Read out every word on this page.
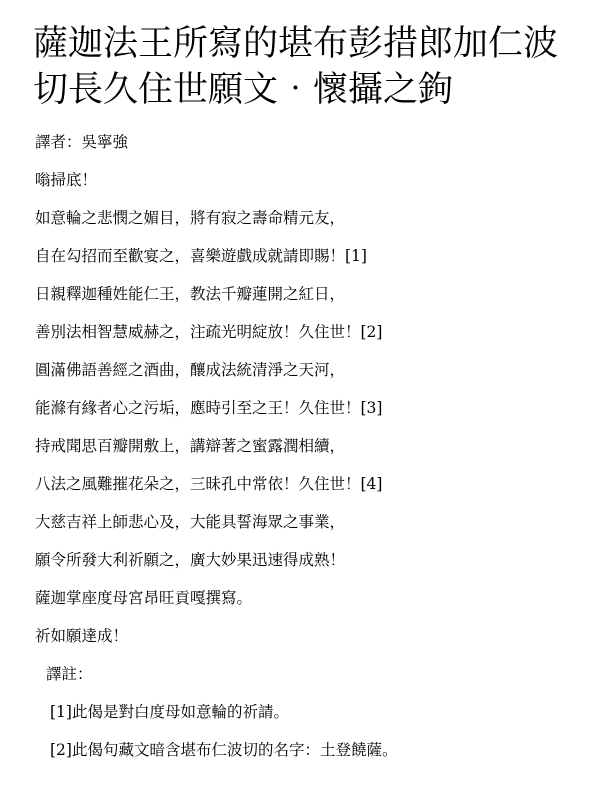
薩迦法王所寫的堪布彭措郎加仁波
切長久住世願文‧懷攝之鉤
譯者：吳寧強
嗡掃底！
如意輪之悲憫之媚目，將有寂之壽命精元友，
自在勾招而至歡宴之，喜樂遊戲成就請即賜！[1]
日親釋迦種姓能仁王，教法千瓣蓮開之紅日，
善別法相智慧威赫之，注疏光明綻放！久住世！[2]
圓滿佛語善經之酒曲，釀成法統清淨之天河，
能滌有緣者心之污垢，應時引至之王！久住世！[3]
持戒聞思百瓣開敷上，講辯著之蜜露潤相續，
八法之風難摧花朵之，三昧孔中常依！久住世！[4]
大慈吉祥上師悲心及，大能具誓海眾之事業，
願令所發大利祈願之，廣大妙果迅速得成熟！
薩迦掌座度母宮昂旺貢嘎撰寫。
祈如願達成！
譯註：
[1]此偈是對白度母如意輪的祈請。
[2]此偈句藏文暗含堪布仁波切的名字：土登饒薩。
